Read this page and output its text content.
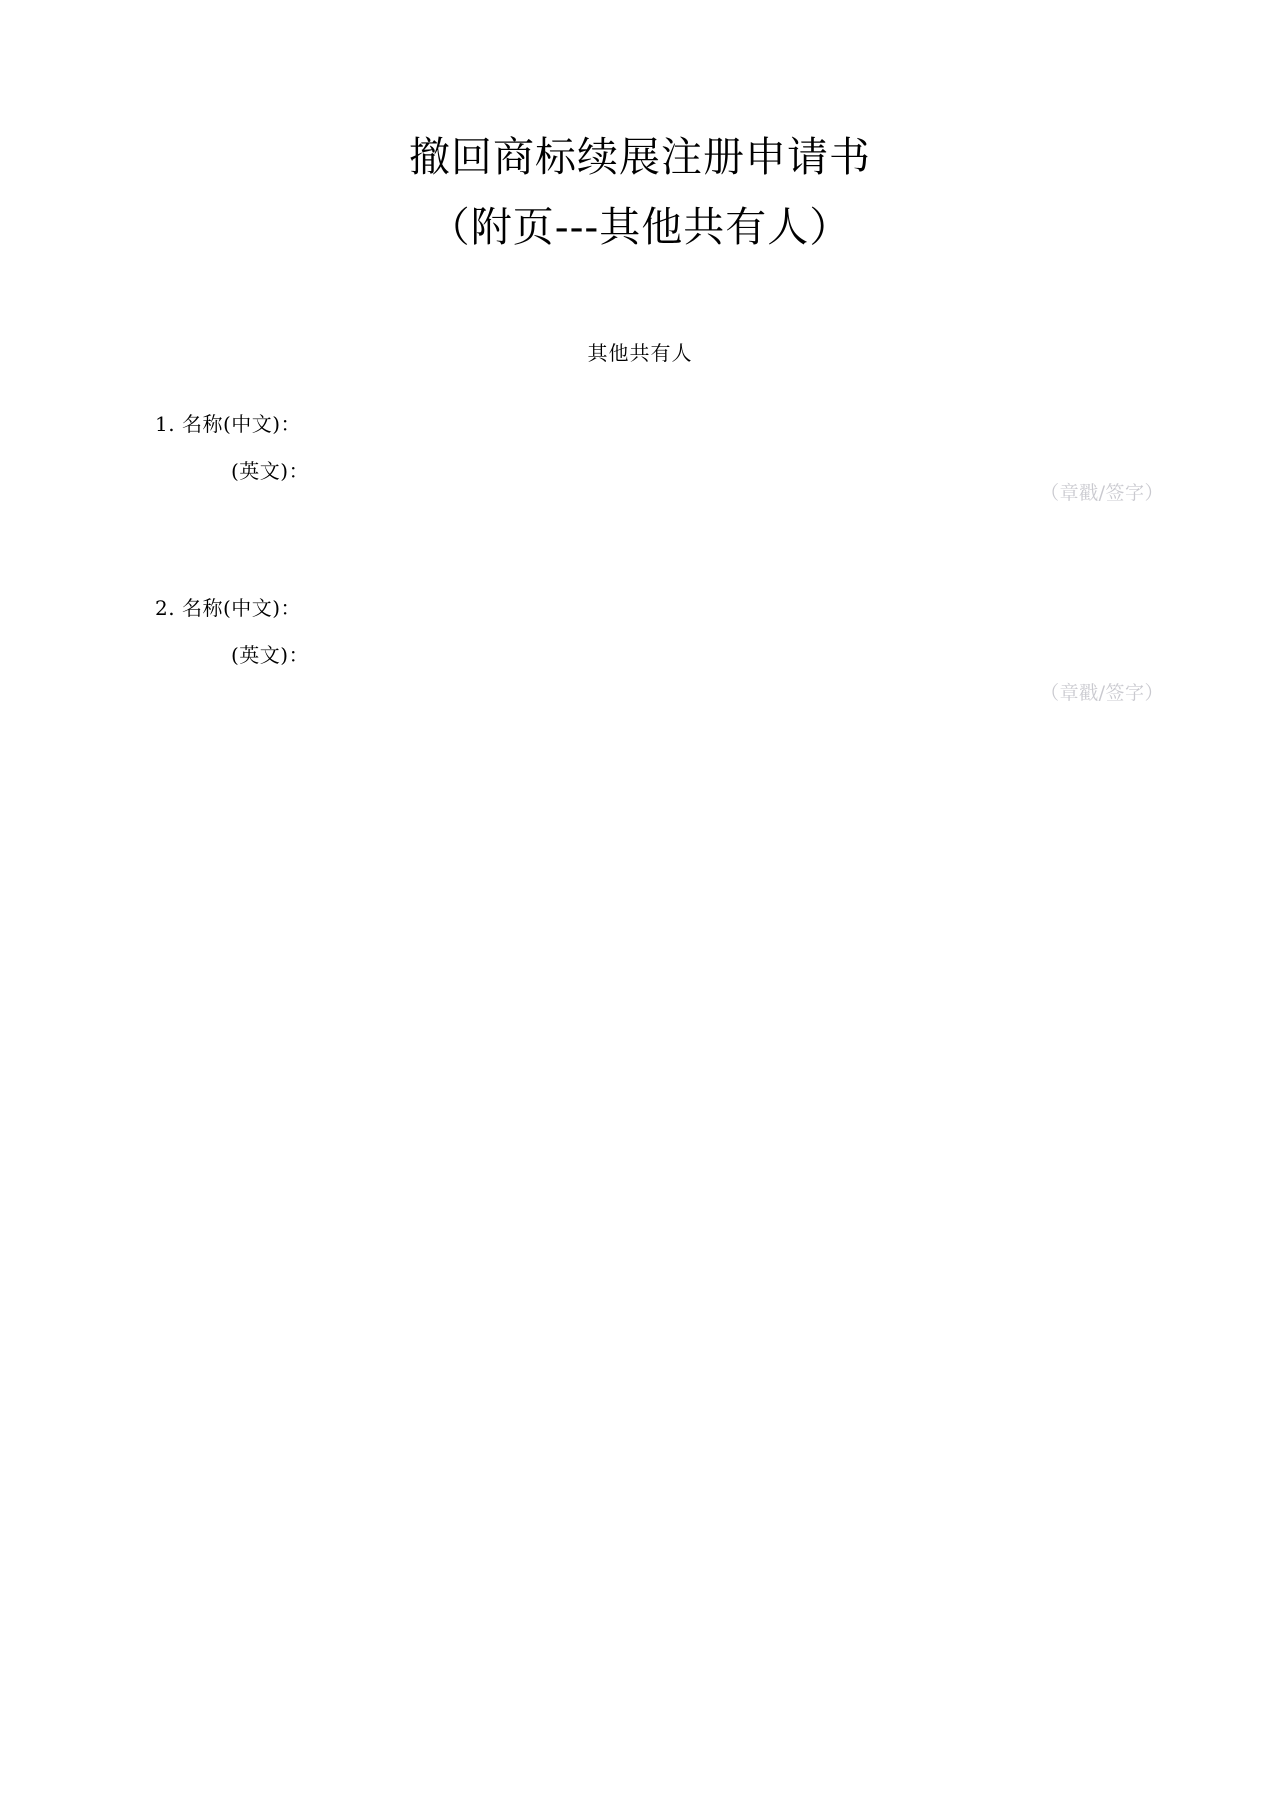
撤回商标续展注册申请书
（附页---其他共有人）
其他共有人
1. 名称(中文)：
(英文)：
（章戳/签字）
2. 名称(中文)：
(英文)：
（章戳/签字）
